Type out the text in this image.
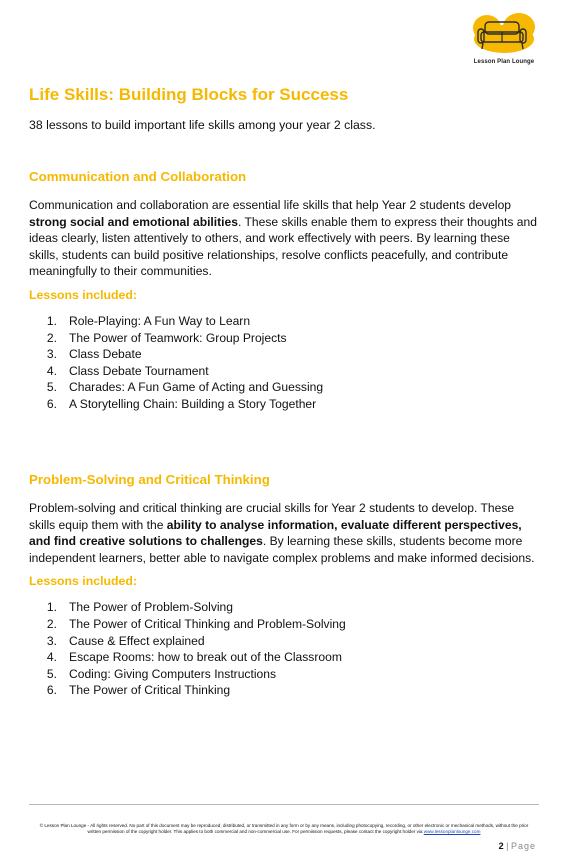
Lesson Plan Lounge
Life Skills: Building Blocks for Success

38 lessons to build important life skills among your year 2 class.

Communication and Collaboration

Communication and collaboration are essential life skills that help Year 2 students develop strong social and emotional abilities. These skills enable them to express their thoughts and ideas clearly, listen attentively to others, and work effectively with peers. By learning these skills, students can build positive relationships, resolve conflicts peacefully, and contribute meaningfully to their communities.

Lessons included:
1. Role-Playing: A Fun Way to Learn
2. The Power of Teamwork: Group Projects
3. Class Debate
4. Class Debate Tournament
5. Charades: A Fun Game of Acting and Guessing
6. A Storytelling Chain: Building a Story Together
Problem-Solving and Critical Thinking

Problem-solving and critical thinking are crucial skills for Year 2 students to develop. These skills equip them with the ability to analyse information, evaluate different perspectives, and find creative solutions to challenges. By learning these skills, students become more independent learners, better able to navigate complex problems and make informed decisions.

Lessons included:
1. The Power of Problem-Solving
2. The Power of Critical Thinking and Problem-Solving
3. Cause & Effect explained
4. Escape Rooms: how to break out of the Classroom
5. Coding: Giving Computers Instructions
6. The Power of Critical Thinking
© Lesson Plan Lounge - All rights reserved. No part of this document may be reproduced, distributed, or transmitted in any form or by any means, including photocopying, recording, or other electronic or mechanical methods, without the prior written permission of the copyright holder. This applies to both commercial and non-commercial use. For permission requests, please contact the copyright holder via www.lessonplanlounge.com
2 | Page
